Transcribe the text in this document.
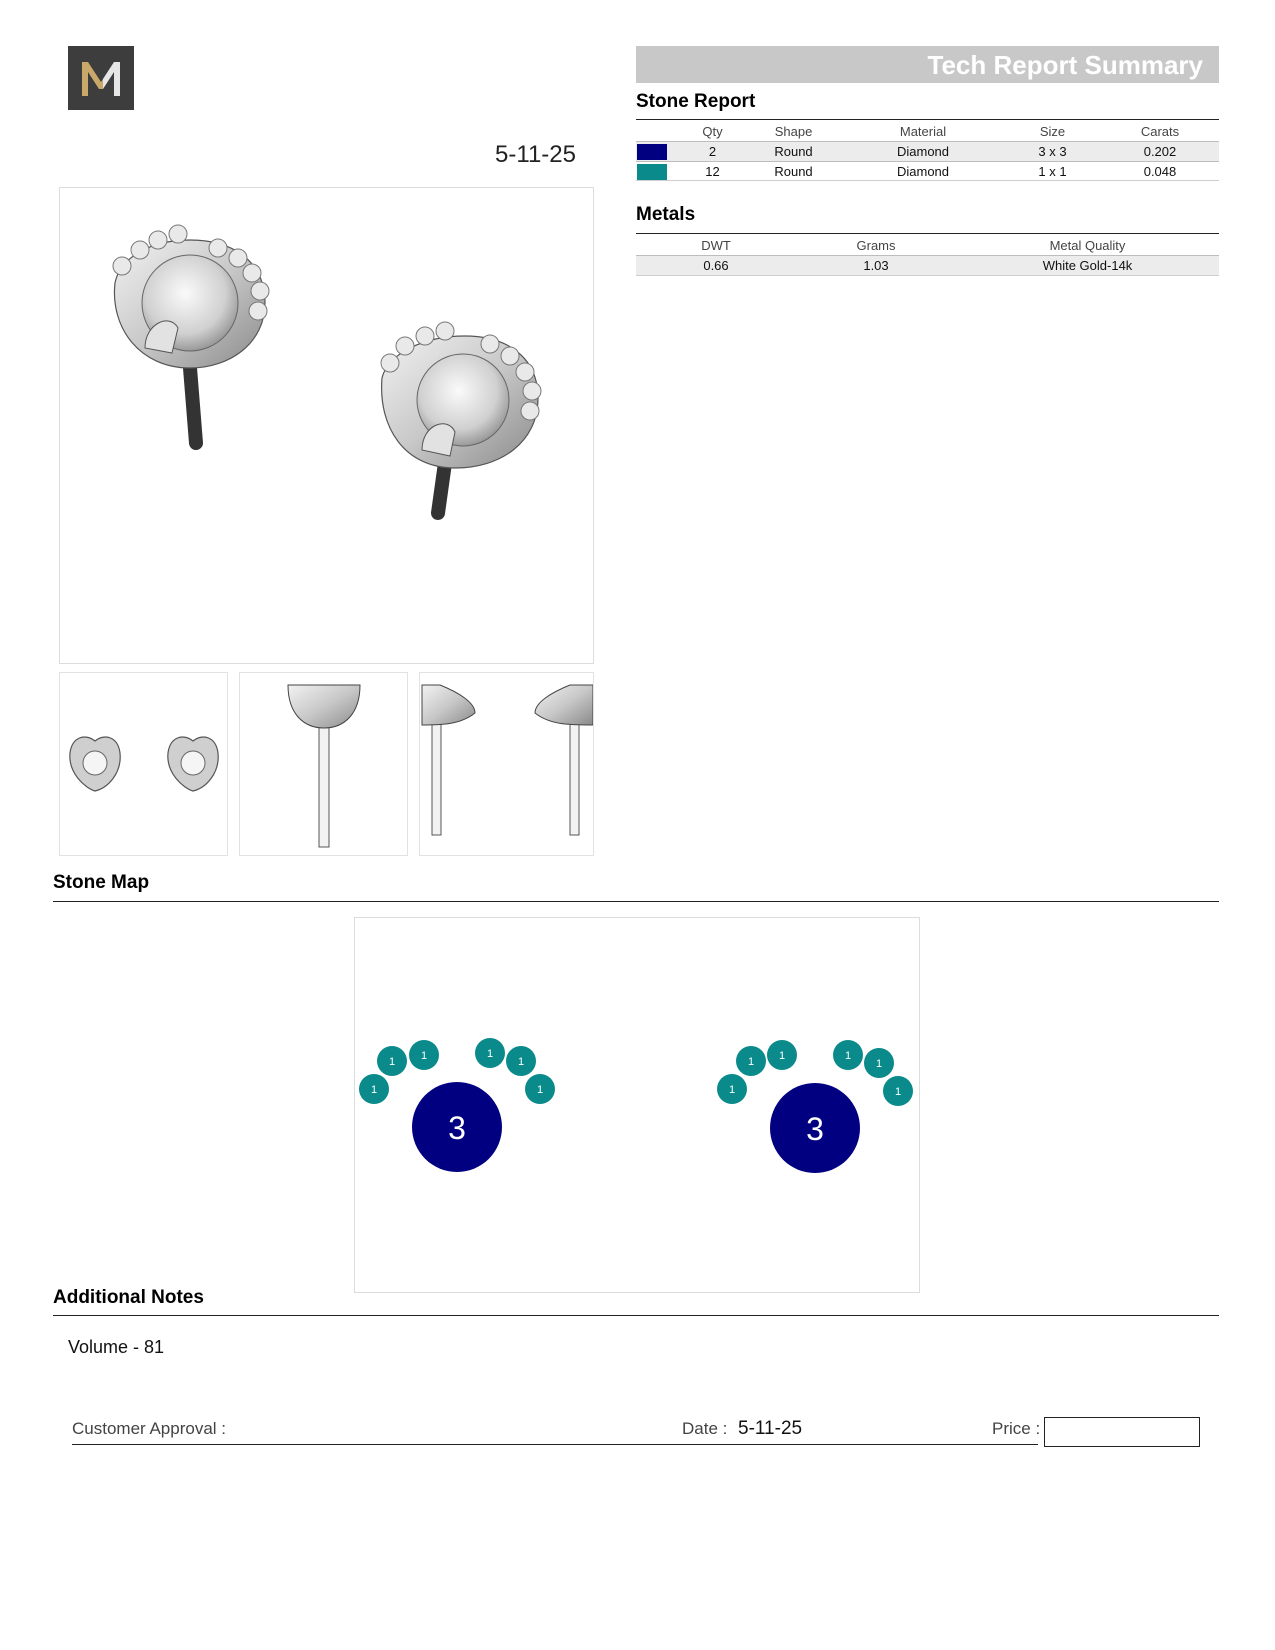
5-11-25
Tech Report Summary
Stone Report
	Qty	Shape	Material	Size	Carats

	2	Round	Diamond	3 x 3	0.202

	12	Round	Diamond	1 x 1	0.048
Metals
DWT	Grams	Metal Quality
0.66	1.03	White Gold-14k
Stone Map
1
1 1	1
1
1
3
1
1 1	1
1
1
3
Additional Notes
Volume - 81
Customer Approval :	Date : 5-11-25	Price :
